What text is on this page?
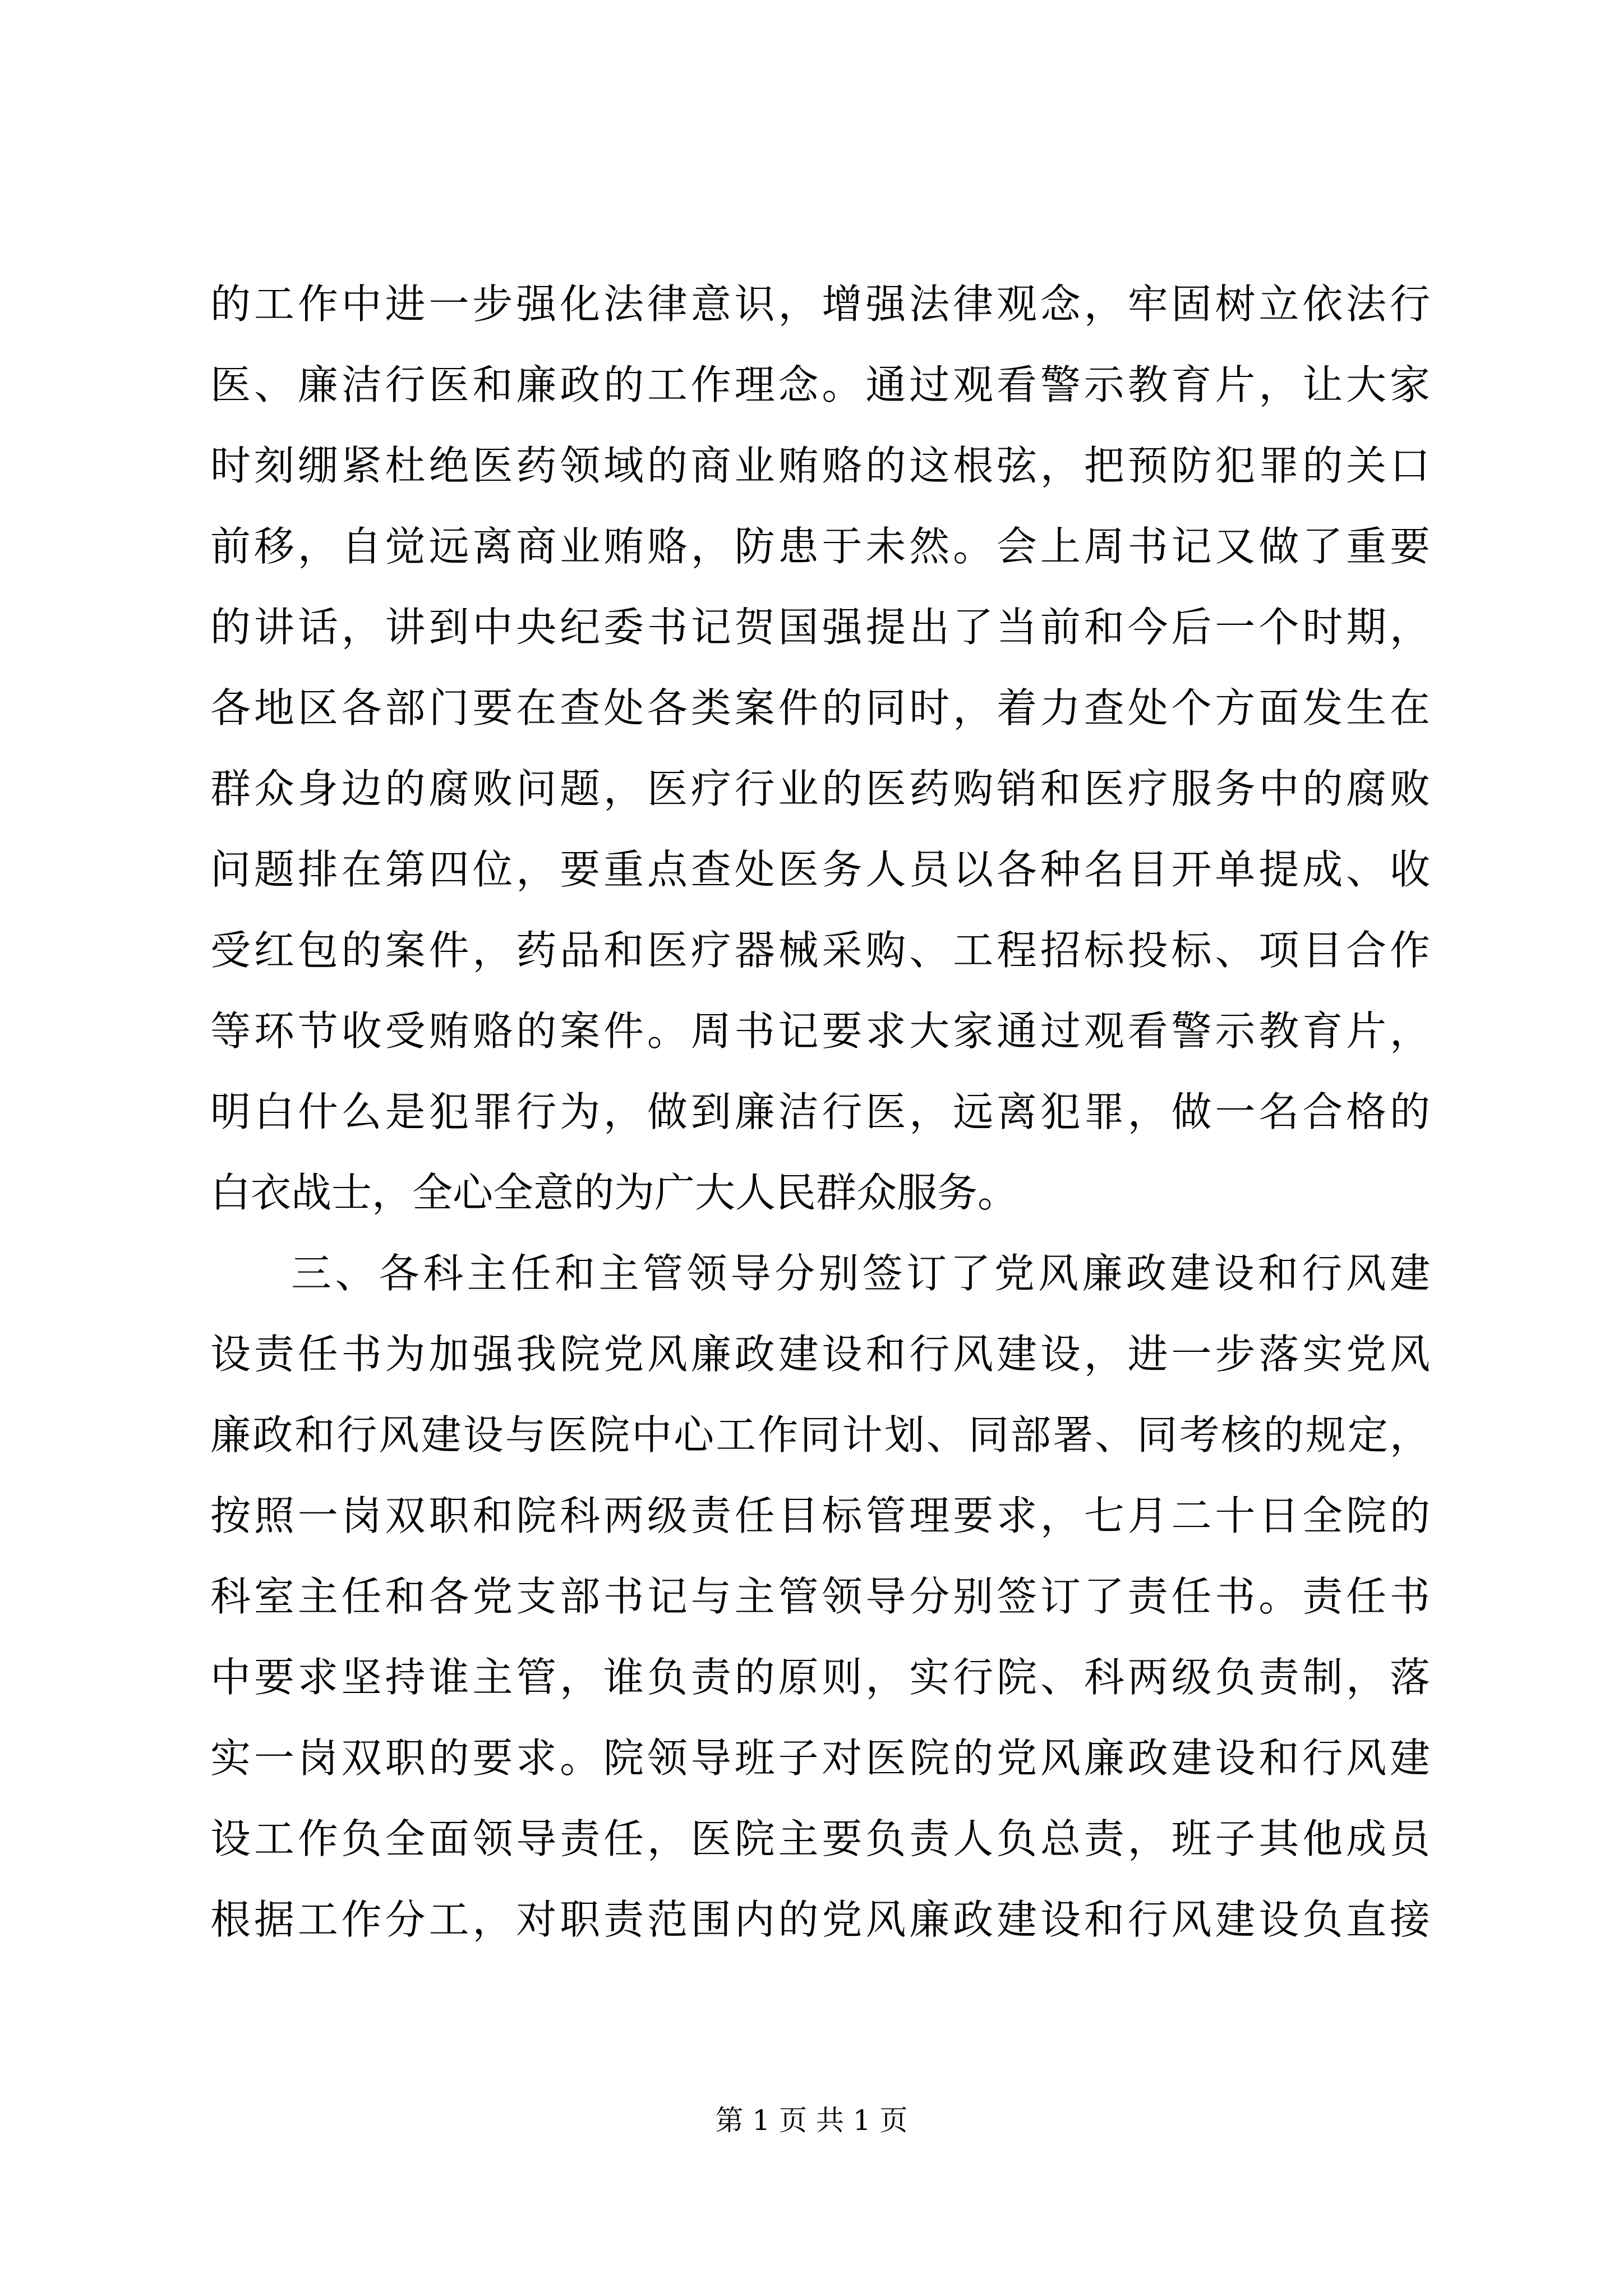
的工作中进一步强化法律意识，增强法律观念，牢固树立依法行
医、廉洁行医和廉政的工作理念。通过观看警示教育片，让大家
时刻绷紧杜绝医药领域的商业贿赂的这根弦，把预防犯罪的关口
前移，自觉远离商业贿赂，防患于未然。会上周书记又做了重要
的讲话，讲到中央纪委书记贺国强提出了当前和今后一个时期，
各地区各部门要在查处各类案件的同时，着力查处个方面发生在
群众身边的腐败问题，医疗行业的医药购销和医疗服务中的腐败
问题排在第四位，要重点查处医务人员以各种名目开单提成、收
受红包的案件，药品和医疗器械采购、工程招标投标、项目合作
等环节收受贿赂的案件。周书记要求大家通过观看警示教育片，
明白什么是犯罪行为，做到廉洁行医，远离犯罪，做一名合格的
白衣战士，全心全意的为广大人民群众服务。
三、各科主任和主管领导分别签订了党风廉政建设和行风建
设责任书为加强我院党风廉政建设和行风建设，进一步落实党风
廉政和行风建设与医院中心工作同计划、同部署、同考核的规定，
按照一岗双职和院科两级责任目标管理要求，七月二十日全院的
科室主任和各党支部书记与主管领导分别签订了责任书。责任书
中要求坚持谁主管，谁负责的原则，实行院、科两级负责制，落
实一岗双职的要求。院领导班子对医院的党风廉政建设和行风建
设工作负全面领导责任，医院主要负责人负总责，班子其他成员
根据工作分工，对职责范围内的党风廉政建设和行风建设负直接
第 1 页 共 1 页
